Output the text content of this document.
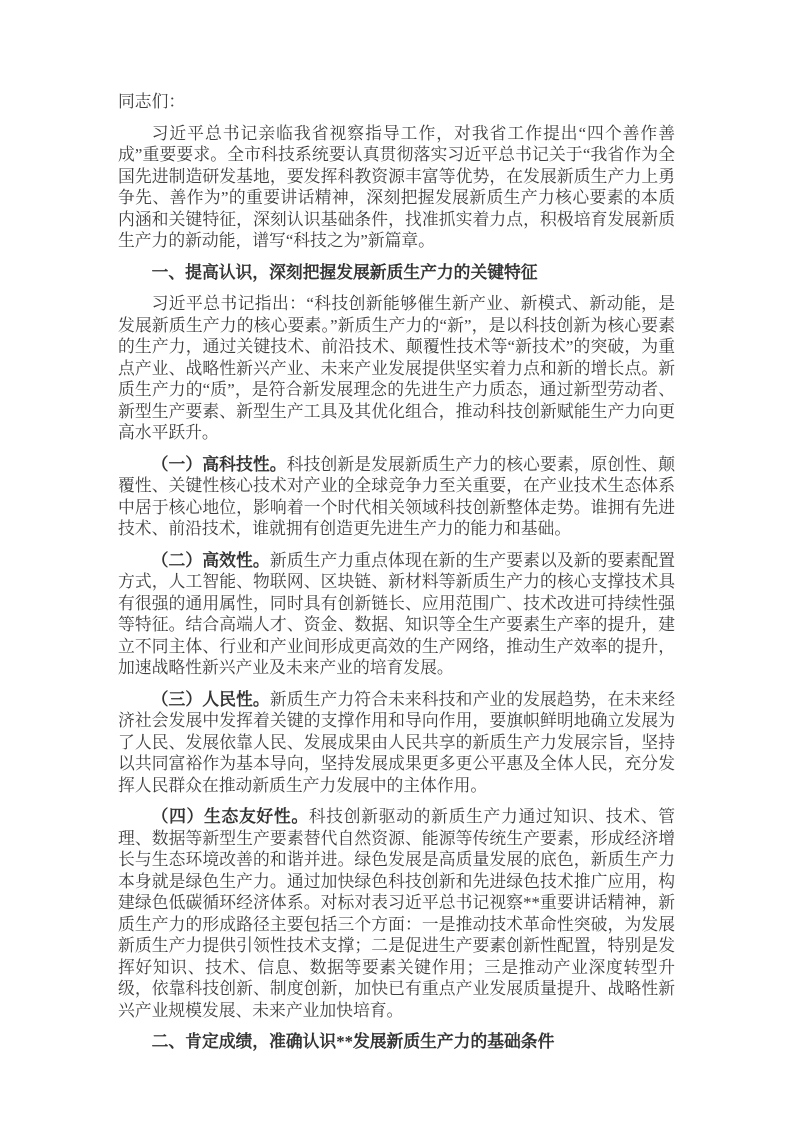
同志们：

习近平总书记亲临我省视察指导工作，对我省工作提出“四个善作善成”重要要求。全市科技系统要认真贯彻落实习近平总书记关于“我省作为全国先进制造研发基地，要发挥科教资源丰富等优势，在发展新质生产力上勇争先、善作为”的重要讲话精神，深刻把握发展新质生产力核心要素的本质内涵和关键特征，深刻认识基础条件，找准抓实着力点，积极培育发展新质生产力的新动能，谱写“科技之为”新篇章。

一、提高认识，深刻把握发展新质生产力的关键特征

习近平总书记指出：“科技创新能够催生新产业、新模式、新动能，是发展新质生产力的核心要素。”新质生产力的“新”，是以科技创新为核心要素的生产力，通过关键技术、前沿技术、颠覆性技术等“新技术”的突破，为重点产业、战略性新兴产业、未来产业发展提供坚实着力点和新的增长点。新质生产力的“质”，是符合新发展理念的先进生产力质态，通过新型劳动者、新型生产要素、新型生产工具及其优化组合，推动科技创新赋能生产力向更高水平跃升。

（一）高科技性。科技创新是发展新质生产力的核心要素，原创性、颠覆性、关键性核心技术对产业的全球竞争力至关重要，在产业技术生态体系中居于核心地位，影响着一个时代相关领域科技创新整体走势。谁拥有先进技术、前沿技术，谁就拥有创造更先进生产力的能力和基础。

（二）高效性。新质生产力重点体现在新的生产要素以及新的要素配置方式，人工智能、物联网、区块链、新材料等新质生产力的核心支撑技术具有很强的通用属性，同时具有创新链长、应用范围广、技术改进可持续性强等特征。结合高端人才、资金、数据、知识等全生产要素生产率的提升，建立不同主体、行业和产业间形成更高效的生产网络，推动生产效率的提升，加速战略性新兴产业及未来产业的培育发展。

（三）人民性。新质生产力符合未来科技和产业的发展趋势，在未来经济社会发展中发挥着关键的支撑作用和导向作用，要旗帜鲜明地确立发展为了人民、发展依靠人民、发展成果由人民共享的新质生产力发展宗旨，坚持以共同富裕作为基本导向，坚持发展成果更多更公平惠及全体人民，充分发挥人民群众在推动新质生产力发展中的主体作用。

（四）生态友好性。科技创新驱动的新质生产力通过知识、技术、管理、数据等新型生产要素替代自然资源、能源等传统生产要素，形成经济增长与生态环境改善的和谐并进。绿色发展是高质量发展的底色，新质生产力本身就是绿色生产力。通过加快绿色科技创新和先进绿色技术推广应用，构建绿色低碳循环经济体系。对标对表习近平总书记视察**重要讲话精神，新质生产力的形成路径主要包括三个方面：一是推动技术革命性突破，为发展新质生产力提供引领性技术支撑；二是促进生产要素创新性配置，特别是发挥好知识、技术、信息、数据等要素关键作用；三是推动产业深度转型升级，依靠科技创新、制度创新，加快已有重点产业发展质量提升、战略性新兴产业规模发展、未来产业加快培育。

二、肯定成绩，准确认识**发展新质生产力的基础条件
